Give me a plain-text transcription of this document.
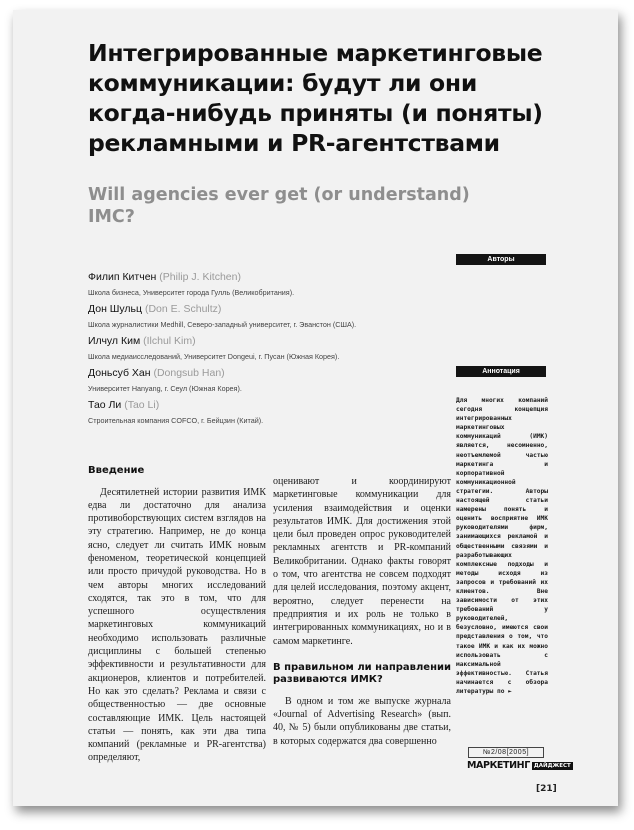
Интегрированные маркетинговые коммуникации: будут ли они когда-нибудь приняты (и поняты) рекламными и PR-агентствами
Will agencies ever get (or understand) IMC?
Авторы
Филип Китчен (Philip J. Kitchen)
Школа бизнеса, Университет города Гулль (Великобритания).
Дон Шульц (Don E. Schultz)
Школа журналистики Medhill, Северо-западный университет, г. Эванстон (США).
Илчул Ким (Ilchul Kim)
Школа медиаисследований, Университет Dongeui, г. Пусан (Южная Корея).
Доньсуб Хан (Dongsub Han)
Университет Hanyang, г. Сеул (Южная Корея).
Тао Ли (Tao Li)
Строительная компания COFCO, г. Бейцзин (Китай).
Аннотация

Для многих компаний сегодня концепция интегрированных маркетинговых коммуникаций (ИМК) является, несомненно, неотъемлемой частью маркетинга и корпоративной коммуникационной стратегии. Авторы настоящей статьи намерены понять и оценить восприятие ИМК руководителями фирм, занимающихся рекламой и общественными связями и разработывающих комплексные подходы и методы исходя из запросов и требований их клиентов. Вне зависимости от этих требований у руководителей, безусловно, имеются свои представления о том, что такое ИМК и как их можно использовать с максимальной эффективностью. Статья начинается с обзора литературы по ►

Введение

Десятилетней истории развития ИМК едва ли достаточно для анализа противоборствующих систем взглядов на эту стратегию. Например, не до конца ясно, следует ли считать ИМК новым феноменом, теоретической концепцией или просто причудой руководства. Но в чем авторы многих исследований сходятся, так это в том, что для успешного осуществления маркетинговых коммуникаций необходимо использовать различные дисциплины с большей степенью эффективности и результативности для акционеров, клиентов и потребителей. Но как это сделать? Реклама и связи с общественностью — две основные составляющие ИМК. Цель настоящей статьи — понять, как эти два типа компаний (рекламные и PR-агентства) определяют,

оценивают и координируют маркетинговые коммуникации для усиления взаимодействия и оценки результатов ИМК. Для достижения этой цели был проведен опрос руководителей рекламных агентств и PR-компаний Великобритании. Однако факты говорят о том, что агентства не совсем подходят для целей исследования, поэтому акцент, вероятно, следует перенести на предприятия и их роль не только в интегрированных коммуникациях, но и в самом маркетинге.

В правильном ли направлении развиваются ИМК?

В одном и том же выпуске журнала «Journal of Advertising Research» (вып. 40, № 5) были опубликованы две статьи, в которых содержатся два совершенно

№2/08[2005]
МАРКЕТИНГ ДАЙДЖЕСТ
[21]
